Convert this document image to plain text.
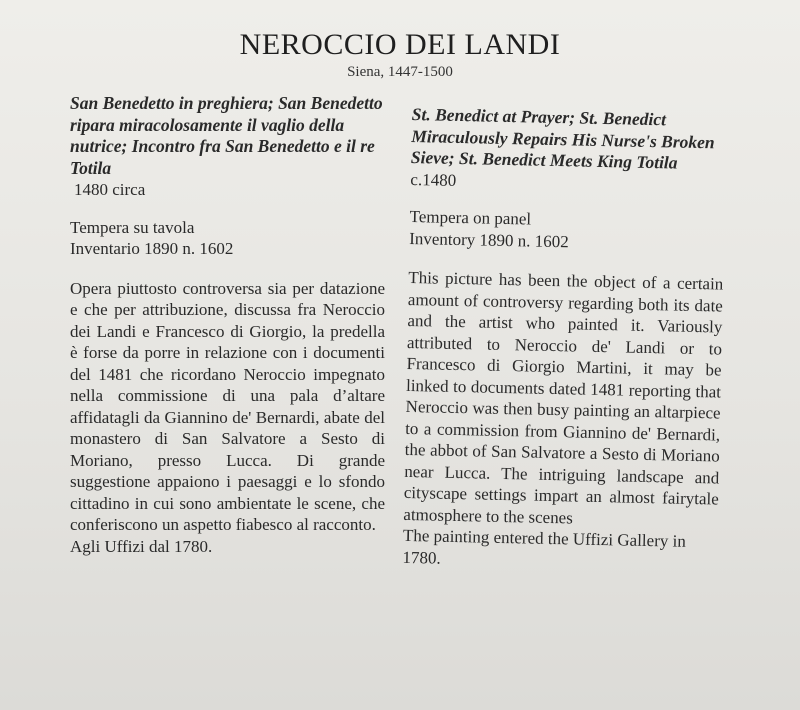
NEROCCIO DEI LANDI
Siena, 1447-1500

San Benedetto in preghiera; San Benedetto ripara miracolosamente il vaglio della nutrice; Incontro fra San Benedetto e il re Totila

1480 circa

Tempera su tavola
Inventario 1890 n. 1602

Opera piuttosto controversa sia per datazione e che per attribuzione, discussa fra Neroccio dei Landi e Francesco di Giorgio, la predella è forse da porre in relazione con i documenti del 1481 che ricordano Neroccio impegnato nella commissione di una pala d’altare affidatagli da Giannino de' Bernardi, abate del monastero di San Salvatore a Sesto di Moriano, presso Lucca. Di grande suggestione appaiono i paesaggi e lo sfondo cittadino in cui sono ambientate le scene, che conferiscono un aspetto fiabesco al racconto.

Agli Uffizi dal 1780.

St. Benedict at Prayer; St. Benedict Miraculously Repairs His Nurse's Broken Sieve; St. Benedict Meets King Totila

c.1480

Tempera on panel
Inventory 1890 n. 1602

This picture has been the object of a certain amount of controversy regarding both its date and the artist who painted it. Variously attributed to Neroccio de' Landi or to Francesco di Giorgio Martini, it may be linked to documents dated 1481 reporting that Neroccio was then busy painting an altarpiece to a commission from Giannino de' Bernardi, the abbot of San Salvatore a Sesto di Moriano near Lucca. The intriguing landscape and cityscape settings impart an almost fairytale atmosphere to the scenes

The painting entered the Uffizi Gallery in 1780.
